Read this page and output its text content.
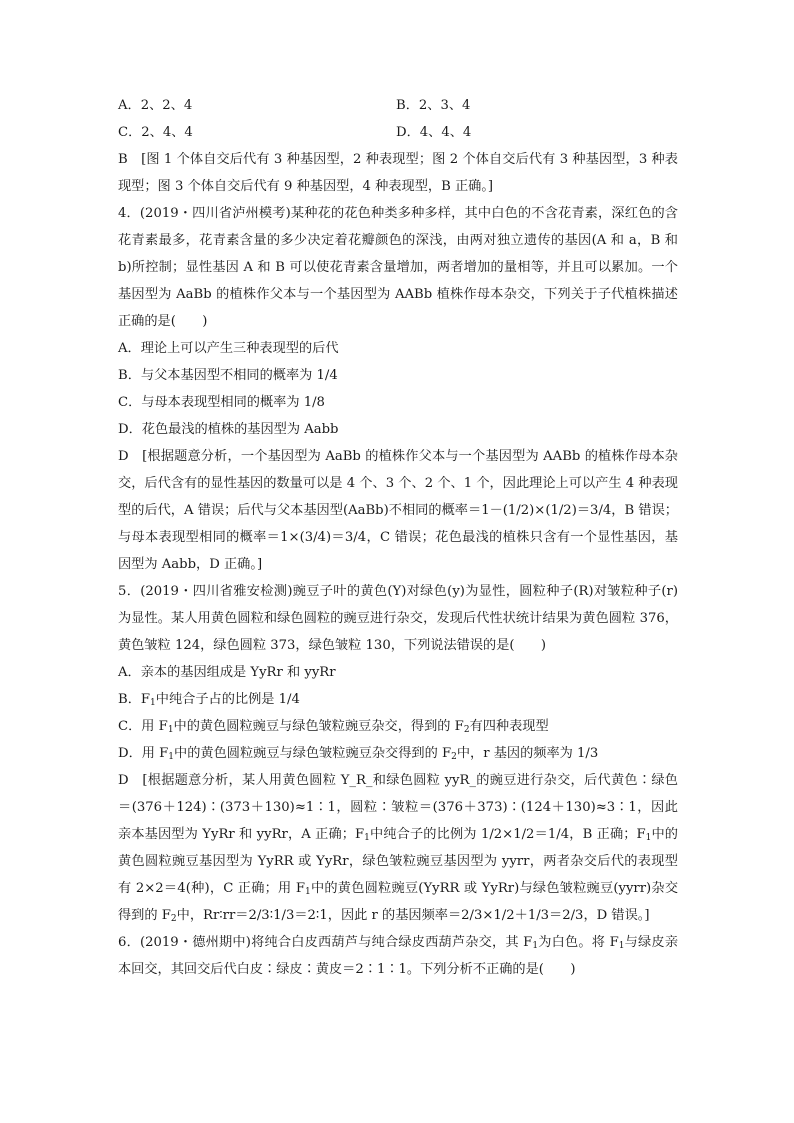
A．2、2、4	B．2、3、4
C．2、4、4	D．4、4、4

B　[图 1 个体自交后代有 3 种基因型，2 种表现型；图 2 个体自交后代有 3 种基因型，3 种表现型；图 3 个体自交后代有 9 种基因型，4 种表现型，B 正确。]

4．(2019・四川省泸州模考)某种花的花色种类多种多样，其中白色的不含花青素，深红色的含花青素最多，花青素含量的多少决定着花瓣颜色的深浅，由两对独立遗传的基因(A 和 a，B 和 b)所控制；显性基因 A 和 B 可以使花青素含量增加，两者增加的量相等，并且可以累加。一个基因型为 AaBb 的植株作父本与一个基因型为 AABb 植株作母本杂交，下列关于子代植株描述正确的是(　　)

A．理论上可以产生三种表现型的后代
B．与父本基因型不相同的概率为 1/4
C．与母本表现型相同的概率为 1/8
D．花色最浅的植株的基因型为 Aabb

D　[根据题意分析，一个基因型为 AaBb 的植株作父本与一个基因型为 AABb 的植株作母本杂交，后代含有的显性基因的数量可以是 4 个、3 个、2 个、1 个，因此理论上可以产生 4 种表现型的后代，A 错误；后代与父本基因型(AaBb)不相同的概率＝1－(1/2)×(1/2)＝3/4，B 错误；与母本表现型相同的概率＝1×(3/4)＝3/4，C 错误；花色最浅的植株只含有一个显性基因，基因型为 Aabb，D 正确。]

5．(2019・四川省雅安检测)豌豆子叶的黄色(Y)对绿色(y)为显性，圆粒种子(R)对皱粒种子(r)为显性。某人用黄色圆粒和绿色圆粒的豌豆进行杂交，发现后代性状统计结果为黄色圆粒 376，黄色皱粒 124，绿色圆粒 373，绿色皱粒 130，下列说法错误的是(　　)

A．亲本的基因组成是 YyRr 和 yyRr
B．$F_1$中纯合子占的比例是 1/4
C．用 $F_1$中的黄色圆粒豌豆与绿色皱粒豌豆杂交，得到的 $F_2$有四种表现型
D．用 $F_1$中的黄色圆粒豌豆与绿色皱粒豌豆杂交得到的 $F_2$中，r 基因的频率为 1/3

D　[根据题意分析，某人用黄色圆粒 Y_R_和绿色圆粒 yyR_的豌豆进行杂交，后代黄色∶绿色＝(376＋124)∶(373＋130)≈1∶1，圆粒∶皱粒＝(376＋373)∶(124＋130)≈3∶1，因此亲本基因型为 YyRr 和 yyRr，A 正确；$F_1$中纯合子的比例为 1/2×1/2＝1/4，B 正确；$F_1$中的黄色圆粒豌豆基因型为 YyRR 或 YyRr，绿色皱粒豌豆基因型为 yyrr，两者杂交后代的表现型有 2×2＝4(种)，C 正确；用 $F_1$中的黄色圆粒豌豆(YyRR 或 YyRr)与绿色皱粒豌豆(yyrr)杂交得到的 $F_2$中，Rr∶rr＝2/3∶1/3＝2∶1，因此 r 的基因频率＝2/3×1/2＋1/3＝2/3，D 错误。]

6．(2019・德州期中)将纯合白皮西葫芦与纯合绿皮西葫芦杂交，其 $F_1$为白色。将 $F_1$与绿皮亲本回交，其回交后代白皮∶绿皮∶黄皮＝2∶1∶1。下列分析不正确的是(　　)
